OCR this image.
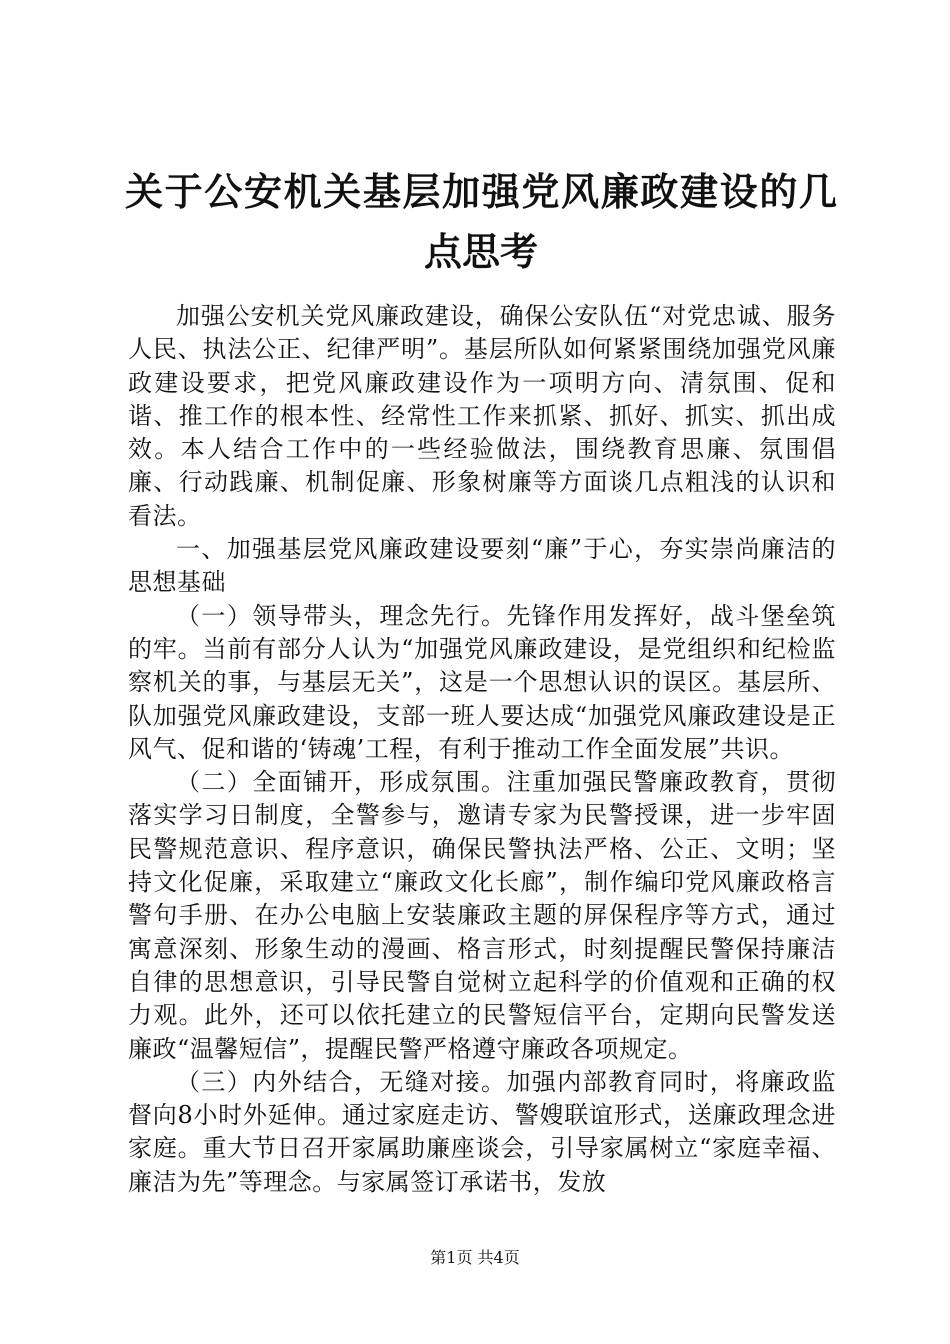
关于公安机关基层加强党风廉政建设的几点思考

加强公安机关党风廉政建设，确保公安队伍“对党忠诚、服务人民、执法公正、纪律严明”。基层所队如何紧紧围绕加强党风廉政建设要求，把党风廉政建设作为一项明方向、清氛围、促和谐、推工作的根本性、经常性工作来抓紧、抓好、抓实、抓出成效。本人结合工作中的一些经验做法，围绕教育思廉、氛围倡廉、行动践廉、机制促廉、形象树廉等方面谈几点粗浅的认识和看法。

一、加强基层党风廉政建设要刻“廉”于心，夯实崇尚廉洁的思想基础

（一）领导带头，理念先行。先锋作用发挥好，战斗堡垒筑的牢。当前有部分人认为“加强党风廉政建设，是党组织和纪检监察机关的事，与基层无关”，这是一个思想认识的误区。基层所、队加强党风廉政建设，支部一班人要达成“加强党风廉政建设是正风气、促和谐的‘铸魂’工程，有利于推动工作全面发展”共识。

（二）全面铺开，形成氛围。注重加强民警廉政教育，贯彻落实学习日制度，全警参与，邀请专家为民警授课，进一步牢固民警规范意识、程序意识，确保民警执法严格、公正、文明；坚持文化促廉，采取建立“廉政文化长廊”，制作编印党风廉政格言警句手册、在办公电脑上安装廉政主题的屏保程序等方式，通过寓意深刻、形象生动的漫画、格言形式，时刻提醒民警保持廉洁自律的思想意识，引导民警自觉树立起科学的价值观和正确的权力观。此外，还可以依托建立的民警短信平台，定期向民警发送廉政“温馨短信”，提醒民警严格遵守廉政各项规定。

（三）内外结合，无缝对接。加强内部教育同时，将廉政监督向8小时外延伸。通过家庭走访、警嫂联谊形式，送廉政理念进家庭。重大节日召开家属助廉座谈会，引导家属树立“家庭幸福、廉洁为先”等理念。与家属签订承诺书，发放

第1页 共4页
